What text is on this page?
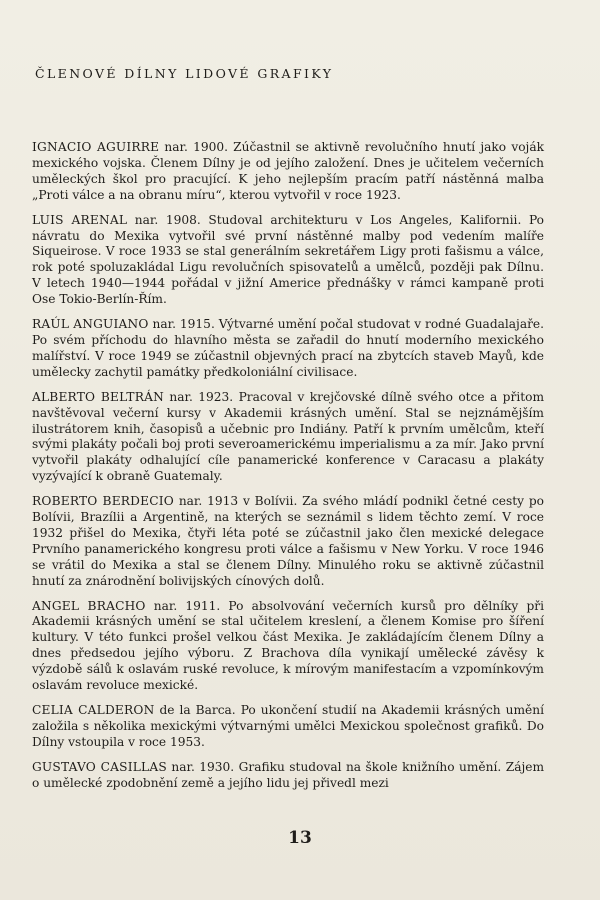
ČLENOVÉ DÍLNY LIDOVÉ GRAFIKY

IGNACIO AGUIRRE nar. 1900. Zúčastnil se aktivně revolučního hnutí jako voják mexického vojska. Členem Dílny je od jejího založení. Dnes je učitelem večerních uměleckých škol pro pracující. K jeho nejlepším pracím patří nástěnná malba „Proti válce a na obranu míru“, kterou vytvořil v roce 1923.

LUIS ARENAL nar. 1908. Studoval architekturu v Los Angeles, Kalifornii. Po návratu do Mexika vytvořil své první nástěnné malby pod vedením malíře Siqueirose. V roce 1933 se stal generálním sekretářem Ligy proti fašismu a válce, rok poté spoluzakládal Ligu revolučních spisovatelů a umělců, později pak Dílnu. V letech 1940—1944 pořádal v jižní Americe přednášky v rámci kampaně proti Ose Tokio-Berlín-Řím.

RAÚL ANGUIANO nar. 1915. Výtvarné umění počal studovat v rodné Guadalajaře. Po svém příchodu do hlavního města se zařadil do hnutí moderního mexického malířství. V roce 1949 se zúčastnil objevných prací na zbytcích staveb Mayů, kde umělecky zachytil památky předkoloniální civilisace.

ALBERTO BELTRÁN nar. 1923. Pracoval v krejčovské dílně svého otce a přitom navštěvoval večerní kursy v Akademii krásných umění. Stal se nejznámějším ilustrátorem knih, časopisů a učebnic pro Indiány. Patří k prvním umělcům, kteří svými plakáty počali boj proti severoamerickému imperialismu a za mír. Jako první vytvořil plakáty odhalující cíle panamerické konference v Caracasu a plakáty vyzývající k obraně Guatemaly.

ROBERTO BERDECIO nar. 1913 v Bolívii. Za svého mládí podnikl četné cesty po Bolívii, Brazílii a Argentině, na kterých se seznámil s lidem těchto zemí. V roce 1932 přišel do Mexika, čtyři léta poté se zúčastnil jako člen mexické delegace Prvního panamerického kongresu proti válce a fašismu v New Yorku. V roce 1946 se vrátil do Mexika a stal se členem Dílny. Minulého roku se aktivně zúčastnil hnutí za znárodnění bolivijských cínových dolů.

ANGEL BRACHO nar. 1911. Po absolvování večerních kursů pro dělníky při Akademii krásných umění se stal učitelem kreslení, a členem Komise pro šíření kultury. V této funkci prošel velkou část Mexika. Je zakládajícím členem Dílny a dnes předsedou jejího výboru. Z Brachova díla vynikají umělecké závěsy k výzdobě sálů k oslavám ruské revoluce, k mírovým manifestacím a vzpomínkovým oslavám revoluce mexické.

CELIA CALDERON de la Barca. Po ukončení studií na Akademii krásných umění založila s několika mexickými výtvarnými umělci Mexickou společnost grafiků. Do Dílny vstoupila v roce 1953.

GUSTAVO CASILLAS nar. 1930. Grafiku studoval na škole knižního umění. Zájem o umělecké zpodobnění země a jejího lidu jej přivedl mezi

13
